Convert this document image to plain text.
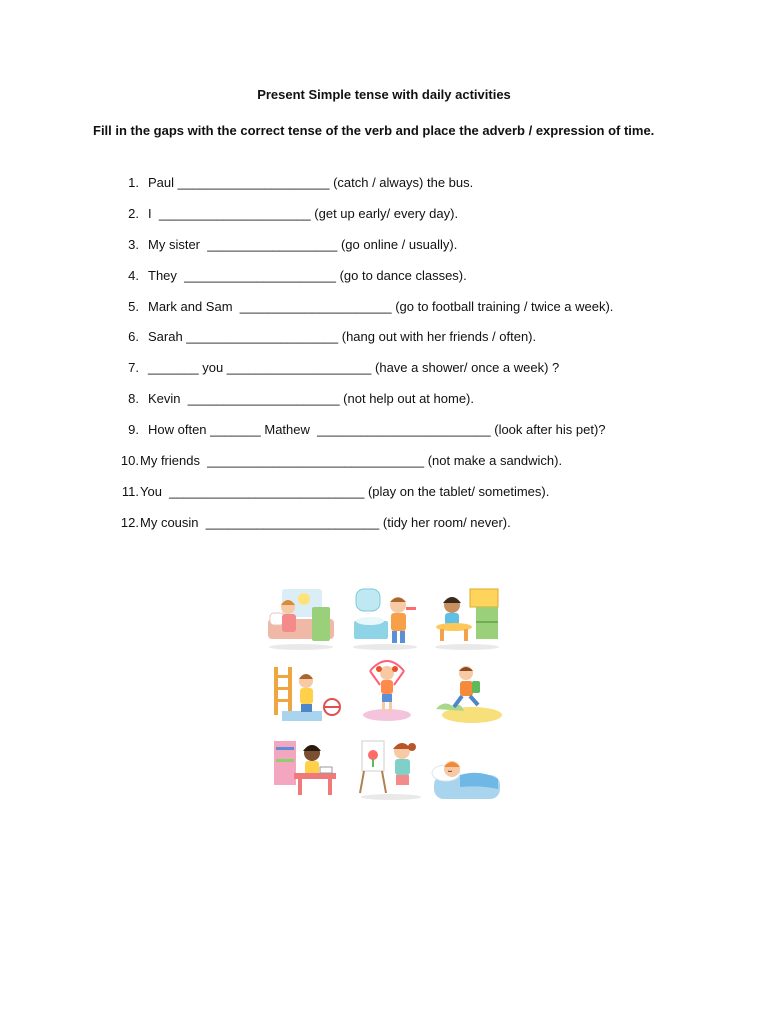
Present Simple tense with daily activities
Fill in the gaps with the correct tense of the verb and place the adverb / expression of time.
1. Paul _____________________ (catch / always) the bus.
2. I  _____________________ (get up early/ every day).
3. My sister  __________________ (go online / usually).
4. They  _____________________ (go to dance classes).
5. Mark and Sam  _____________________ (go to football training / twice a week).
6. Sarah _____________________ (hang out with her friends / often).
7. _______ you ____________________ (have a shower/ once a week) ?
8. Kevin  _____________________ (not help out at home).
9. How often _______ Mathew  ________________________ (look after his pet)?
10. My friends  ______________________________ (not make a sandwich).
11. You  ___________________________ (play on the tablet/ sometimes).
12. My cousin  ________________________ (tidy her room/ never).
